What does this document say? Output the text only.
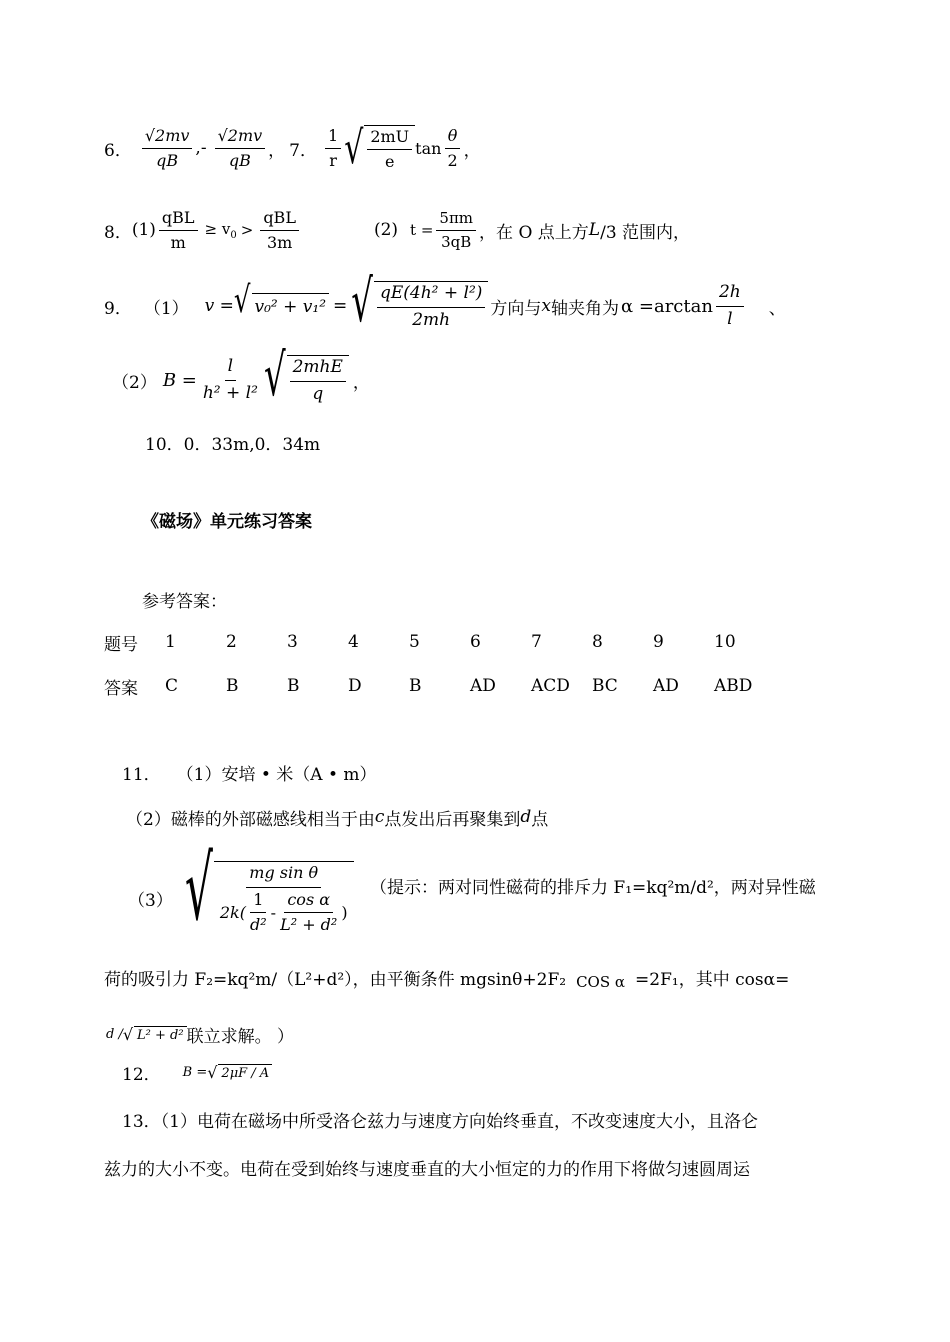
6． $\frac{√2mv}{qB}$ ,- $\frac{√2mv}{qB}$ ， 7． $\frac{1}{r}$ √ $\frac{2mU}{e}$ $\tan \frac{\theta}{2}$ ，
8． $(1) \frac{\text{qBL}}{m} \ge v_0 > \frac{\text{qBL}}{3m}$	(2) $t = \frac{5\pi m}{3qB}$ ，在 O 点上方 L /3 范围内，
9． （1） v = √ v₀² + v₁² = √ $\frac{\text{qE(4h² + l²)}}{2mh}$ 方向与 x 轴夹角为 $\alpha =\arctan \frac{2h}{l}$ 、
（2） $B = \frac{l}{\text{h² + l²}}$ √ $\frac{\text{2mhE}}{q}$ ，
10．0．33m,0．34m
《磁场》单元练习答案
参考答案：
题号	1	2	3	4	5	6	7	8	9	10
答案	C	B	B	D	B	AD	ACD	BC	AD	ABD
11． （1）安培 • 米（A • m）
（2）磁棒的外部磁感线相当于由 c 点发出后再聚集到 d 点
（3） √ mg sin θ
$2k( \frac{1}{\text{d²}} - \frac{\text{cos α}}{\text{L² + d²}}$ )
（提示：两对同性磁荷的排斥力 F₁=kq²m/d²，两对异性磁
荷的吸引力 F₂=kq²m/（L²+d²），由平衡条件 mgsinθ+2F₂ COS α =2F₁，其中 cosα=
d / √ L² + d² 联立求解。 ）
12． B = √ 2μF / A
13．（1）电荷在磁场中所受洛仑兹力与速度方向始终垂直，不改变速度大小，且洛仑
兹力的大小不变。电荷在受到始终与速度垂直的大小恒定的力的作用下将做匀速圆周运
